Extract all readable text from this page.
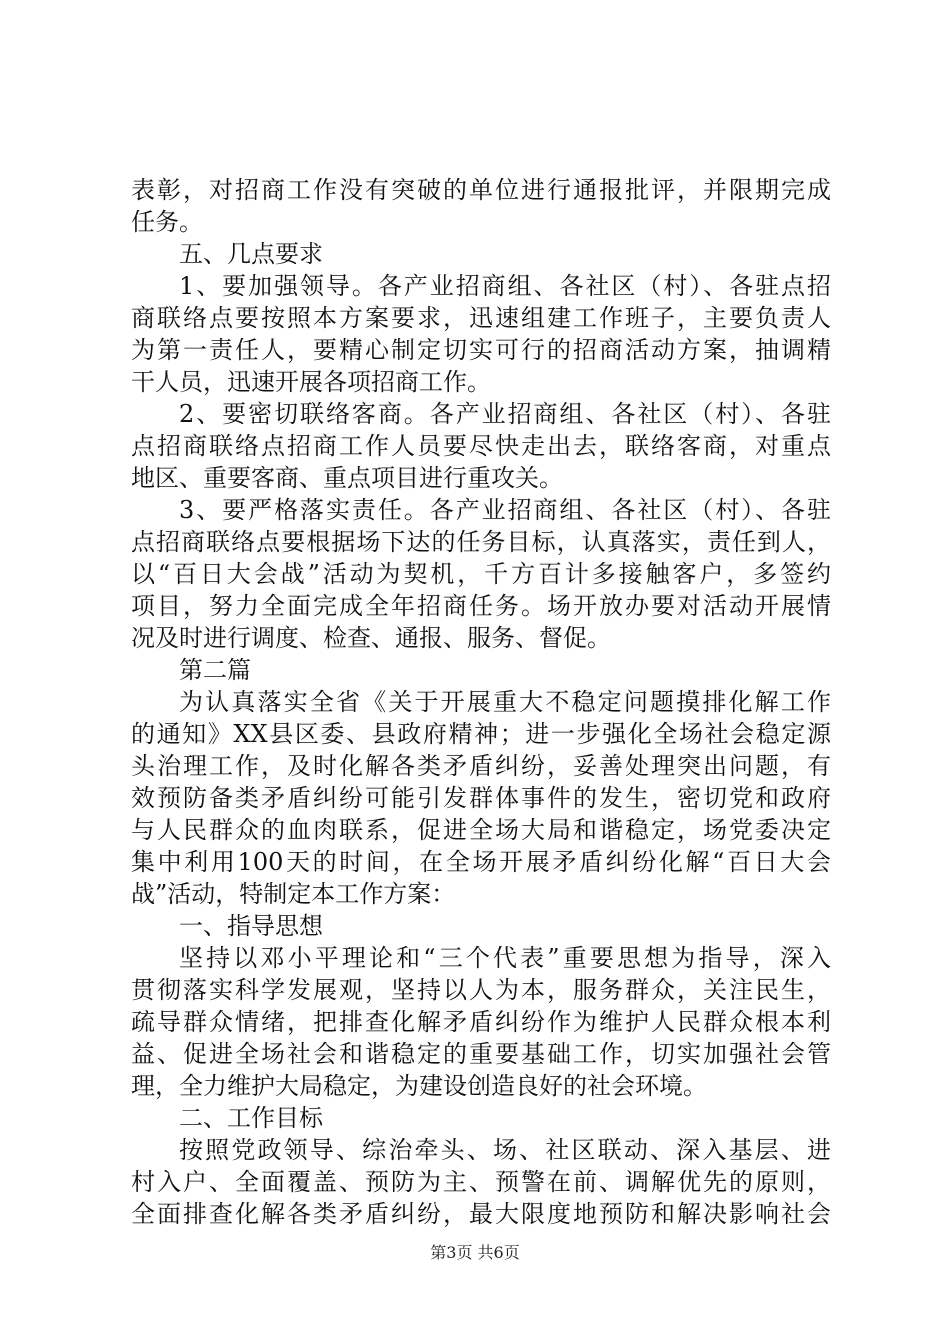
表彰，对招商工作没有突破的单位进行通报批评，并限期完成
任务。
五、几点要求
1、要加强领导。各产业招商组、各社区（村）、各驻点招
商联络点要按照本方案要求，迅速组建工作班子，主要负责人
为第一责任人，要精心制定切实可行的招商活动方案，抽调精
干人员，迅速开展各项招商工作。
2、要密切联络客商。各产业招商组、各社区（村）、各驻
点招商联络点招商工作人员要尽快走出去，联络客商，对重点
地区、重要客商、重点项目进行重攻关。
3、要严格落实责任。各产业招商组、各社区（村）、各驻
点招商联络点要根据场下达的任务目标，认真落实，责任到人，
以“百日大会战”活动为契机，千方百计多接触客户，多签约
项目，努力全面完成全年招商任务。场开放办要对活动开展情
况及时进行调度、检查、通报、服务、督促。
第二篇
为认真落实全省《关于开展重大不稳定问题摸排化解工作
的通知》XX县区委、县政府精神；进一步强化全场社会稳定源
头治理工作，及时化解各类矛盾纠纷，妥善处理突出问题，有
效预防备类矛盾纠纷可能引发群体事件的发生，密切党和政府
与人民群众的血肉联系，促进全场大局和谐稳定，场党委决定
集中利用100天的时间，在全场开展矛盾纠纷化解“百日大会
战”活动，特制定本工作方案：
一、指导思想
坚持以邓小平理论和“三个代表”重要思想为指导，深入
贯彻落实科学发展观，坚持以人为本，服务群众，关注民生，
疏导群众情绪，把排查化解矛盾纠纷作为维护人民群众根本利
益、促进全场社会和谐稳定的重要基础工作，切实加强社会管
理，全力维护大局稳定，为建设创造良好的社会环境。
二、工作目标
按照党政领导、综治牵头、场、社区联动、深入基层、进
村入户、全面覆盖、预防为主、预警在前、调解优先的原则，
全面排查化解各类矛盾纠纷，最大限度地预防和解决影响社会
第3页 共6页
